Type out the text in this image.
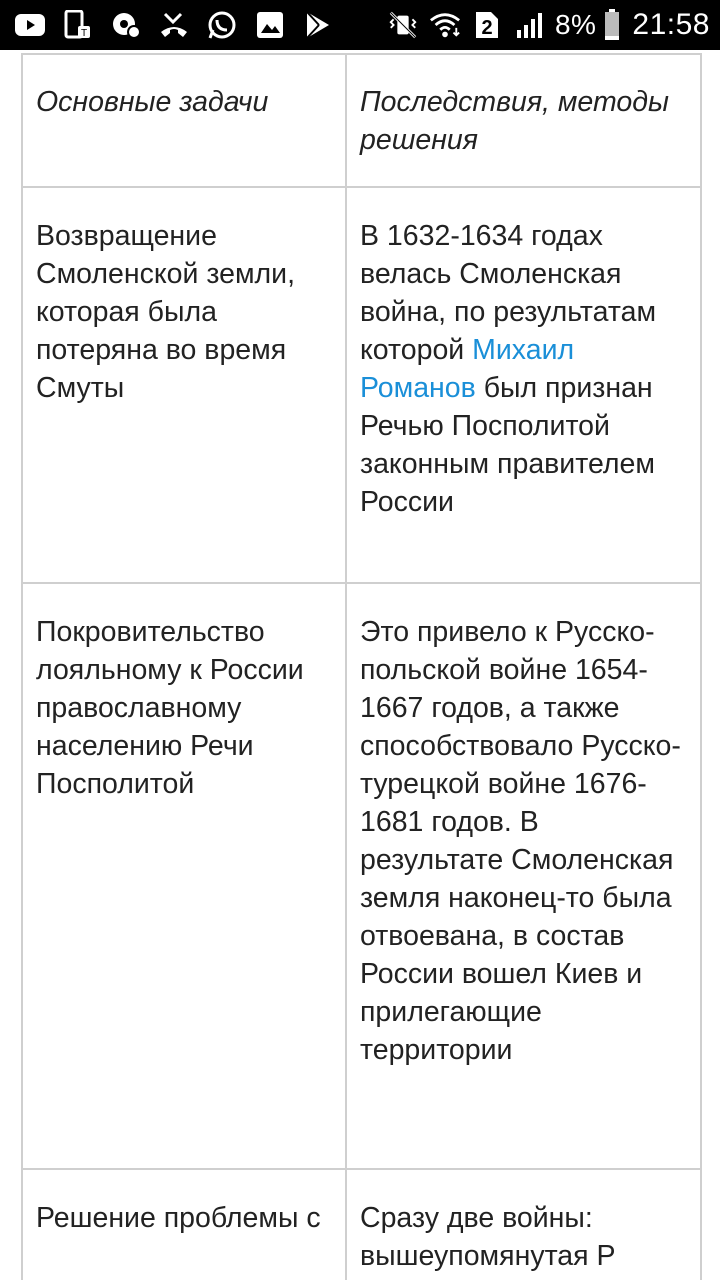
T	2 8% 21:58
Основные задачи	Последствия, методы решения

Возвращение Смоленской земли, которая была потеряна во время Смуты	В 1632-1634 годах велась Смоленская война, по результатам которой Михаил Романов был признан Речью Посполитой законным правителем России

Покровительство лояльному к России православному населению Речи Посполитой	Это привело к Русско-польской войне 1654-1667 годов, а также способствовало Русско-турецкой войне 1676-1681 годов. В результате Смоленская земля наконец-то была отвоевана, в состав России вошел Киев и прилегающие территории

Решение проблемы с	Сразу две войны: вышеупомянутая Р
